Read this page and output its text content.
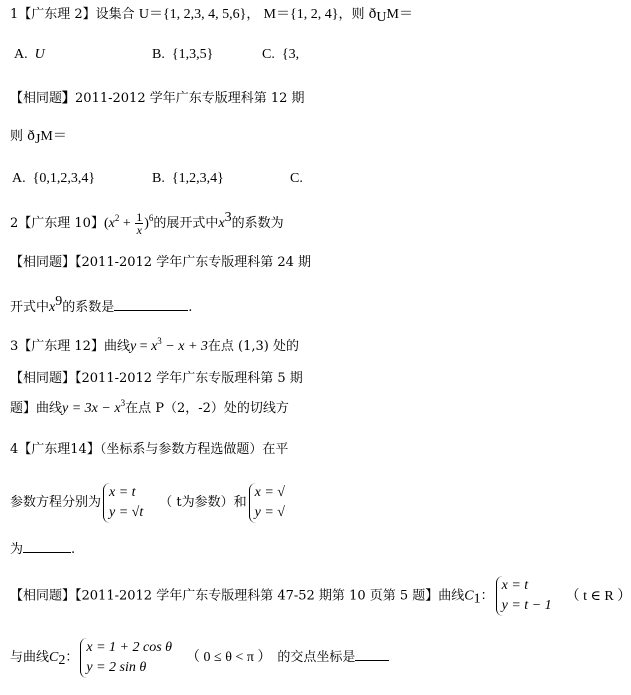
1【广东理 2】设集合 U＝{1, 2,3, 4, 5,6}， M＝{1, 2, 4}，则 $ð_UM=$
A. U	B. {1,3,5}	C. {3,
【相同题】2011-2012 学年广东专版理科第 12 期
则 $ð_JM=$
A. {0,1,2,3,4}	B. {1,2,3,4}	C.
2【广东理 10】$(x^2 + \frac{1}{x} )^6$的展开式中$x^3$的系数为
【相同题】【2011-2012 学年广东专版理科第 24 期
开式中$x^9$的系数是	.
3【广东理 12】曲线$y = x^3 - x + 3$在点 (1,3) 处的
【相同题】【2011-2012 学年广东专版理科第 5 期
题】曲线$y = 3x - x^3$在点 P（2，-2）处的切线方
4【广东理14】（坐标系与参数方程选做题）在平
参数方程分别为
x = t
y = √t
（ t为参数）和
x = √
y = √
为	.
【相同题】【2011-2012 学年广东专版理科第 47-52 期第 10 页第 5 题】曲线$C_1$：
x = t
y = t − 1
（ t ∈ R ）
与曲线$C_2$：
x = 1 + 2 cos θ
y = 2 sin θ
（ 0 ≤ θ < π ） 的交点坐标是
